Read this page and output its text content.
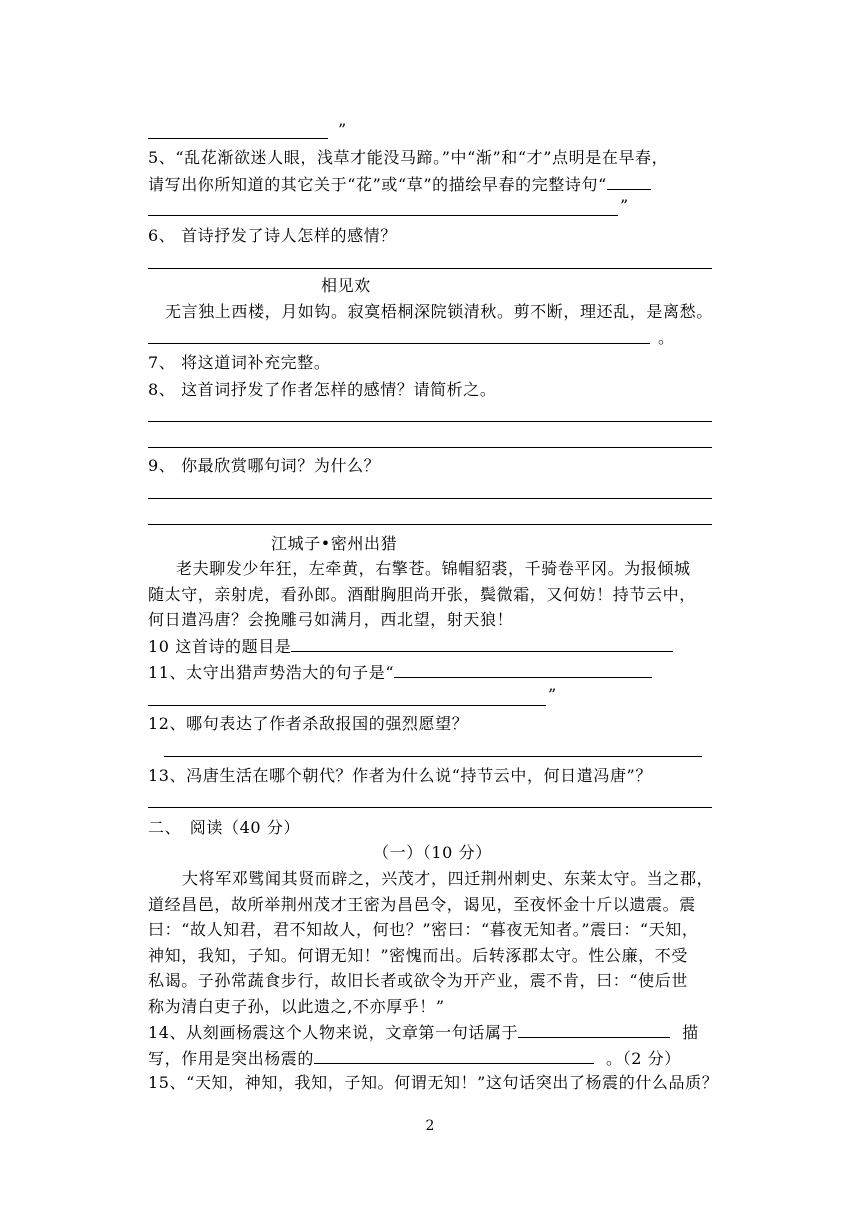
”
5、“乱花渐欲迷人眼，浅草才能没马蹄。”中“渐”和“才”点明是在早春，
请写出你所知道的其它关于“花”或“草”的描绘早春的完整诗句“
”
6、 首诗抒发了诗人怎样的感情？
相见欢
无言独上西楼，月如钩。寂寞梧桐深院锁清秋。剪不断，理还乱，是离愁。
。
7、 将这道词补充完整。
8、 这首词抒发了作者怎样的感情？请简析之。
9、 你最欣赏哪句词？为什么？
江城子•密州出猎
老夫聊发少年狂，左牵黄，右擎苍。锦帽貂裘，千骑卷平冈。为报倾城
随太守，亲射虎，看孙郎。酒酣胸胆尚开张，鬓微霜，又何妨！持节云中，
何日遣冯唐？会挽雕弓如满月，西北望，射天狼！
10 这首诗的题目是
11、太守出猎声势浩大的句子是“
”
12、哪句表达了作者杀敌报国的强烈愿望？
13、冯唐生活在哪个朝代？作者为什么说“持节云中，何日遣冯唐”？
二、　阅读（40 分）
（一）（10 分）
大将军邓骘闻其贤而辟之，兴茂才，四迁荆州刺史、东莱太守。当之郡，
道经昌邑，故所举荆州茂才王密为昌邑令，谒见，至夜怀金十斤以遗震。震
曰：“故人知君，君不知故人，何也？”密曰：“暮夜无知者。”震曰：“天知，
神知，我知，子知。何谓无知！”密愧而出。后转涿郡太守。性公廉，不受
私谒。子孙常蔬食步行，故旧长者或欲令为开产业，震不肯，曰：“使后世
称为清白吏子孙，以此遗之,不亦厚乎！”
14、从刻画杨震这个人物来说，文章第一句话属于	描
写，作用是突出杨震的	。（2 分）
15、“天知，神知，我知，子知。何谓无知！”这句话突出了杨震的什么品质？
2
